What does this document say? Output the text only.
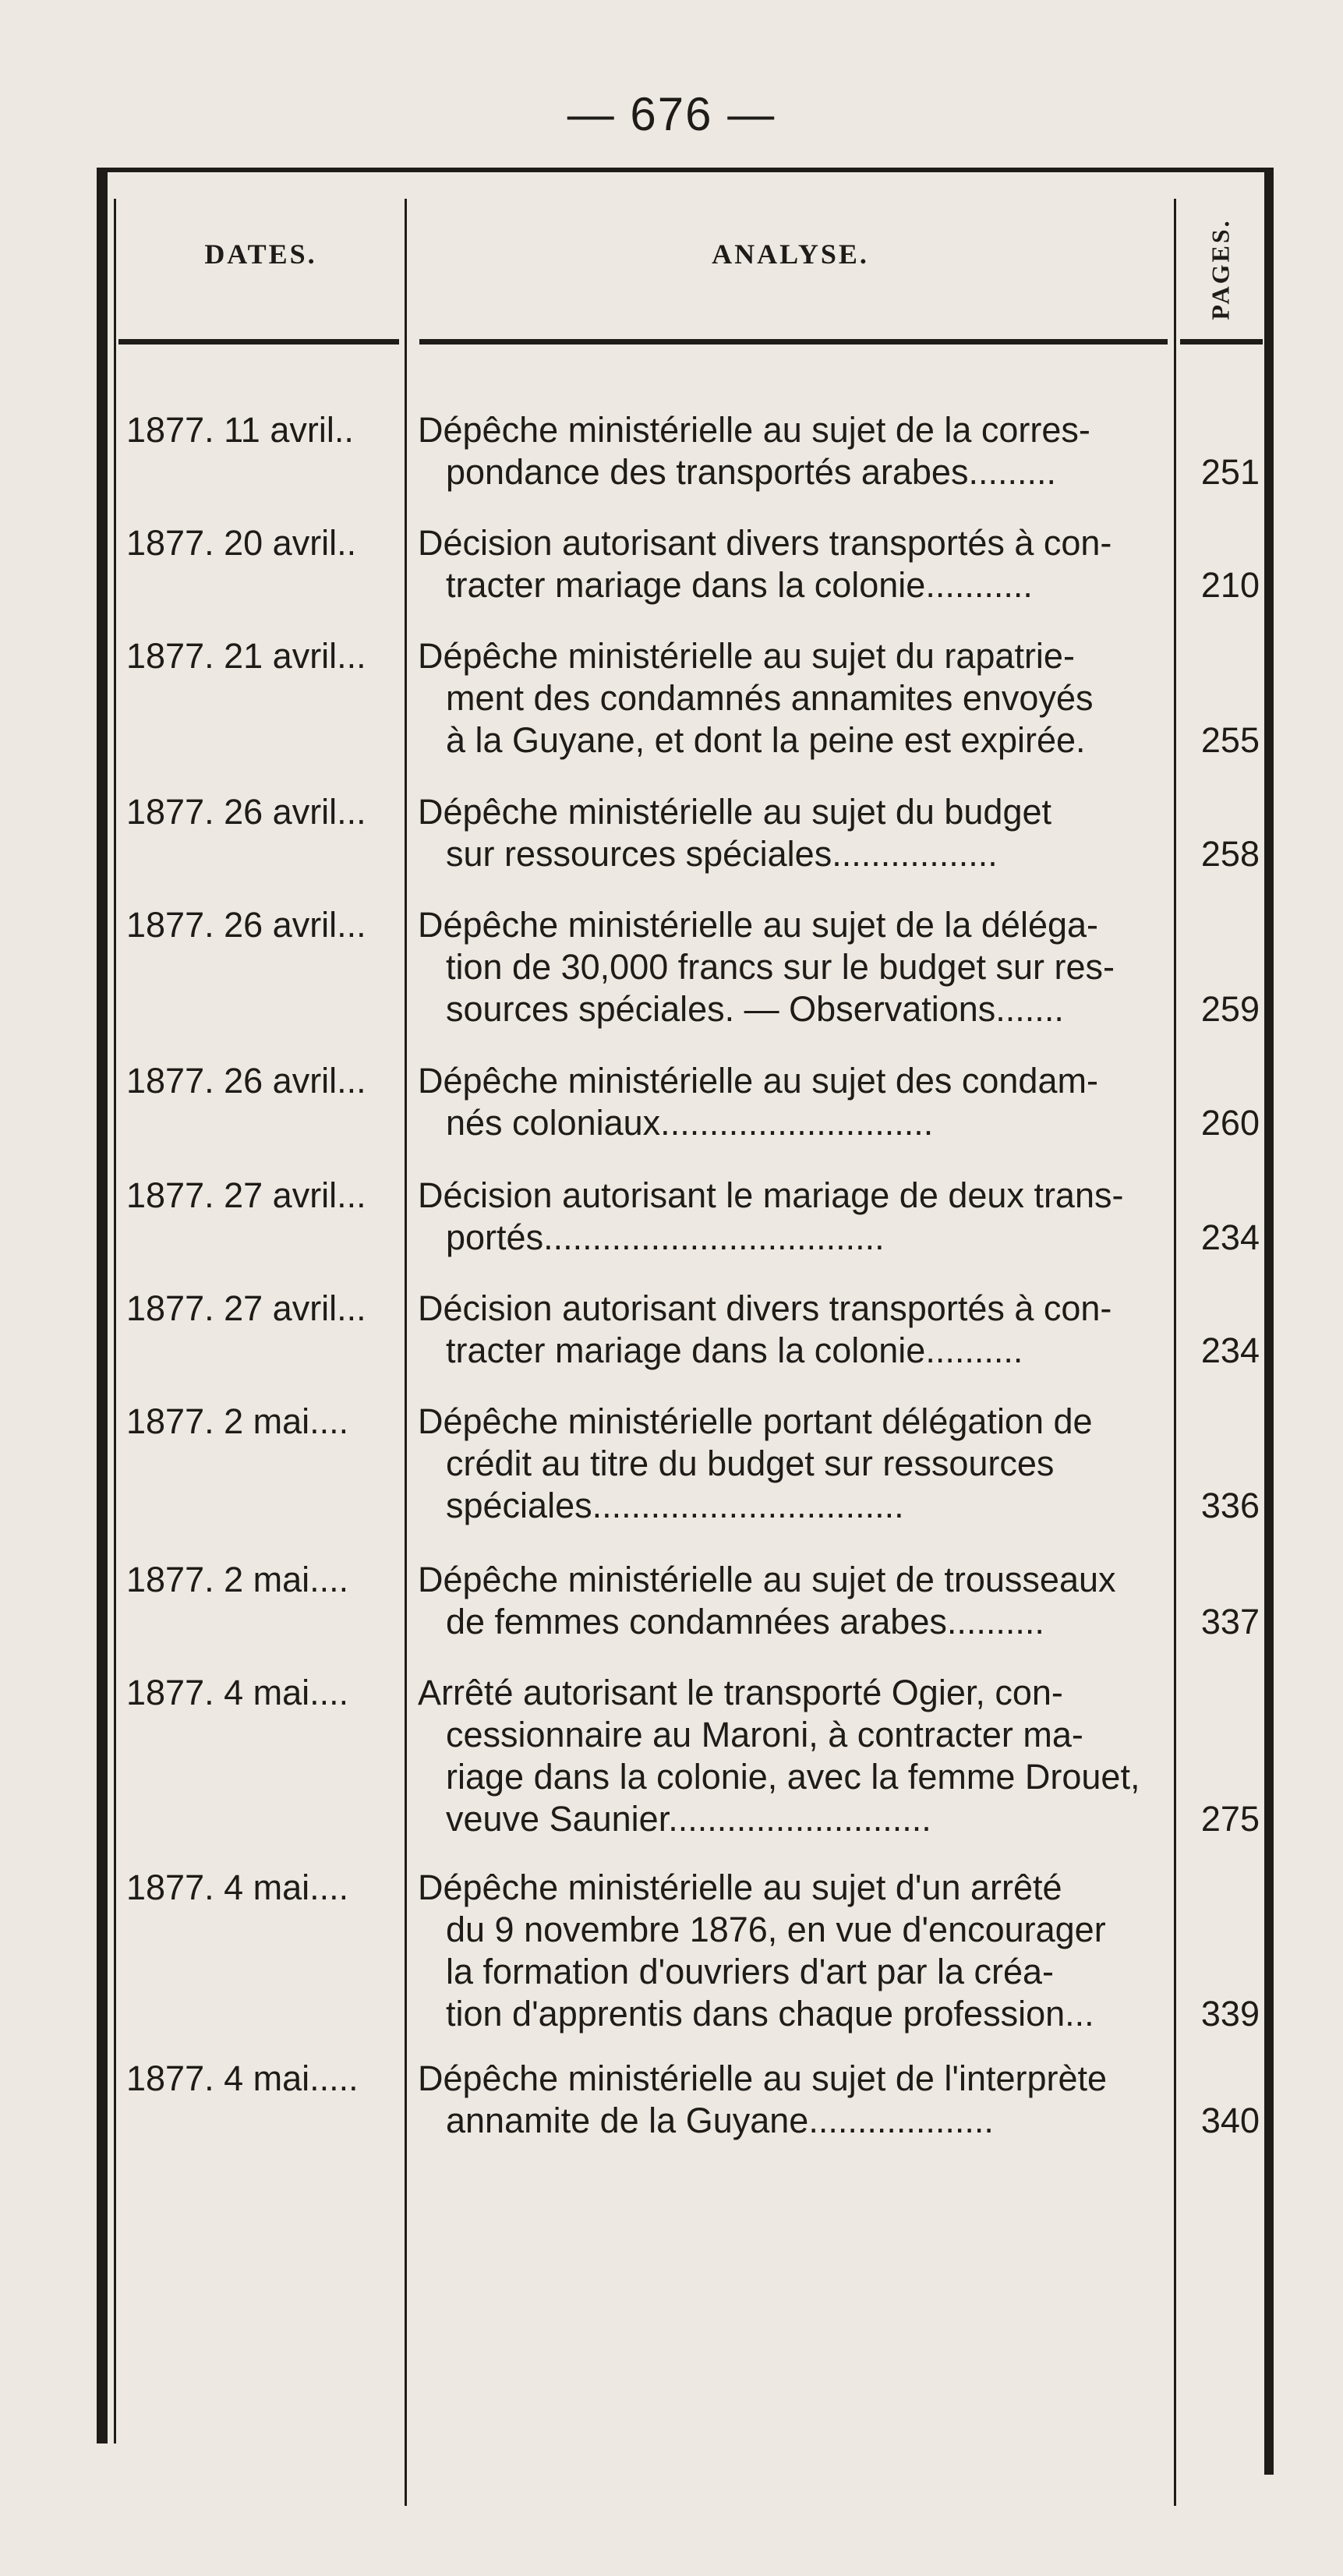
— 676 —
DATES.	ANALYSE.	PAGES.
1877. 11 avril..	Dépêche ministérielle au sujet de la corres-
pondance des transportés arabes.........	251
1877. 20 avril..	Décision autorisant divers transportés à con-
tracter mariage dans la colonie...........	210
1877. 21 avril...	Dépêche ministérielle au sujet du rapatrie-
ment des condamnés annamites envoyés
à la Guyane, et dont la peine est expirée.	255
1877. 26 avril...	Dépêche ministérielle au sujet du budget
sur ressources spéciales.................	258
1877. 26 avril...	Dépêche ministérielle au sujet de la déléga-
tion de 30,000 francs sur le budget sur res-
sources spéciales. — Observations.......	259
1877. 26 avril...	Dépêche ministérielle au sujet des condam-
nés coloniaux............................	260
1877. 27 avril...	Décision autorisant le mariage de deux trans-
portés...................................	234
1877. 27 avril...	Décision autorisant divers transportés à con-
tracter mariage dans la colonie..........	234
1877. 2 mai....	Dépêche ministérielle portant délégation de
crédit au titre du budget sur ressources
spéciales................................	336
1877. 2 mai....	Dépêche ministérielle au sujet de trousseaux
de femmes condamnées arabes..........	337
1877. 4 mai....	Arrêté autorisant le transporté Ogier, con-
cessionnaire au Maroni, à contracter ma-
riage dans la colonie, avec la femme Drouet,
veuve Saunier...........................	275
1877. 4 mai....	Dépêche ministérielle au sujet d'un arrêté
du 9 novembre 1876, en vue d'encourager
la formation d'ouvriers d'art par la créa-
tion d'apprentis dans chaque profession...	339
1877. 4 mai.....	Dépêche ministérielle au sujet de l'interprète
annamite de la Guyane...................	340
